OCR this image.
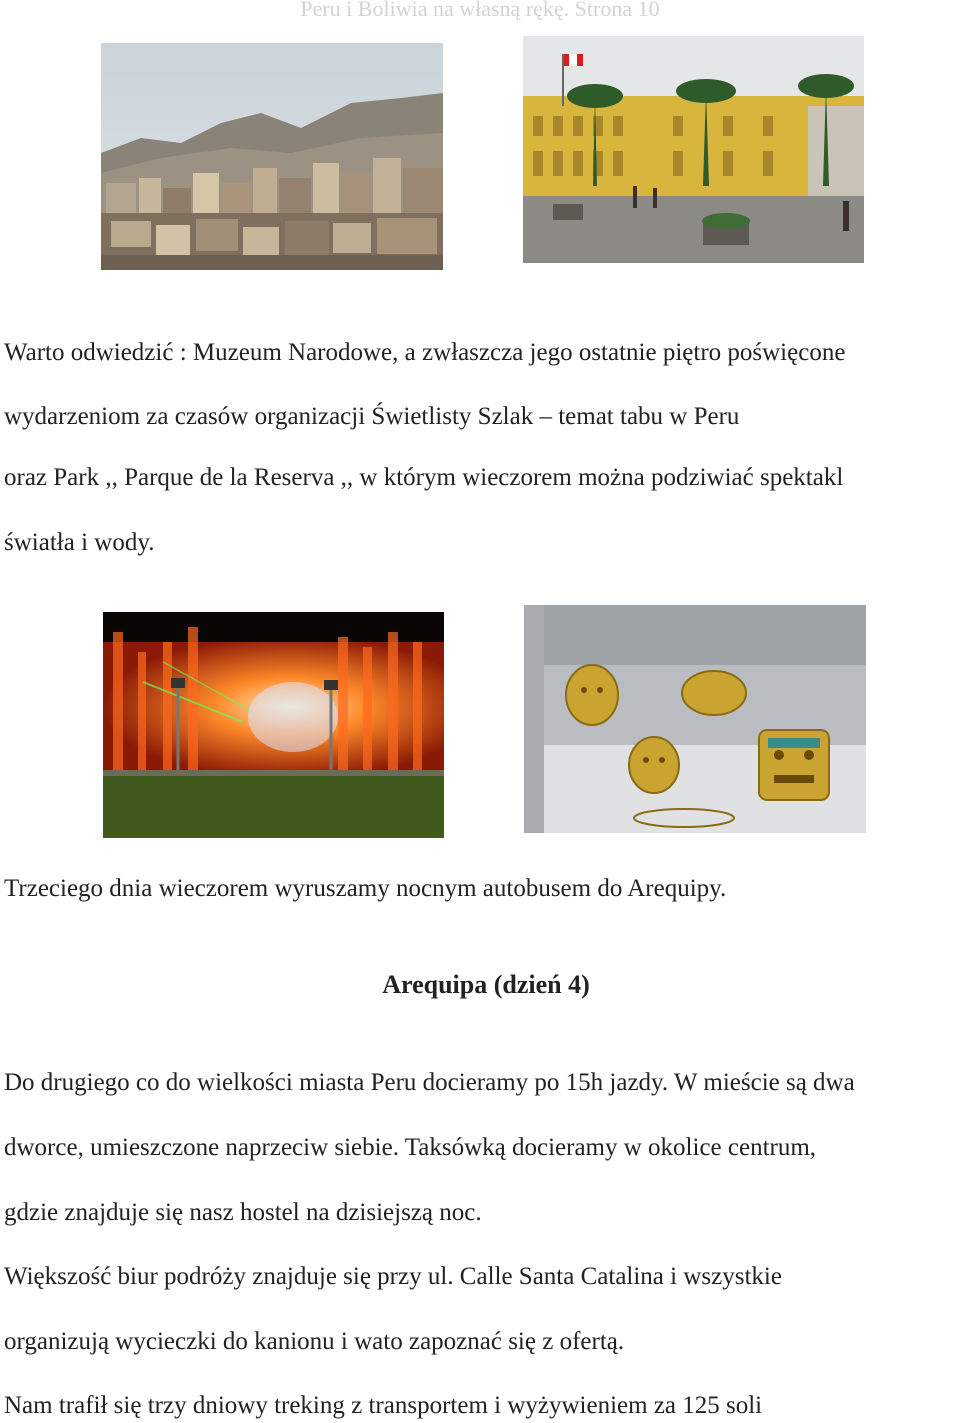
Peru i Boliwia na własną rękę. Strona 10
Warto odwiedzić : Muzeum Narodowe, a zwłaszcza jego ostatnie piętro poświęcone
wydarzeniom za czasów organizacji Świetlisty Szlak – temat tabu w Peru
oraz Park ,, Parque de la Reserva ,, w którym wieczorem można podziwiać spektakl
światła i wody.
Trzeciego dnia wieczorem wyruszamy nocnym autobusem do Arequipy.
Arequipa (dzień 4)
Do drugiego co do wielkości miasta Peru docieramy po 15h jazdy. W mieście są dwa
dworce, umieszczone naprzeciw siebie. Taksówką docieramy w okolice centrum,
gdzie znajduje się nasz hostel na dzisiejszą noc.
Większość biur podróży znajduje się przy ul. Calle Santa Catalina i wszystkie
organizują wycieczki do kanionu i wato zapoznać się z ofertą.
Nam trafił się trzy dniowy treking z transportem i wyżywieniem za 125 soli
